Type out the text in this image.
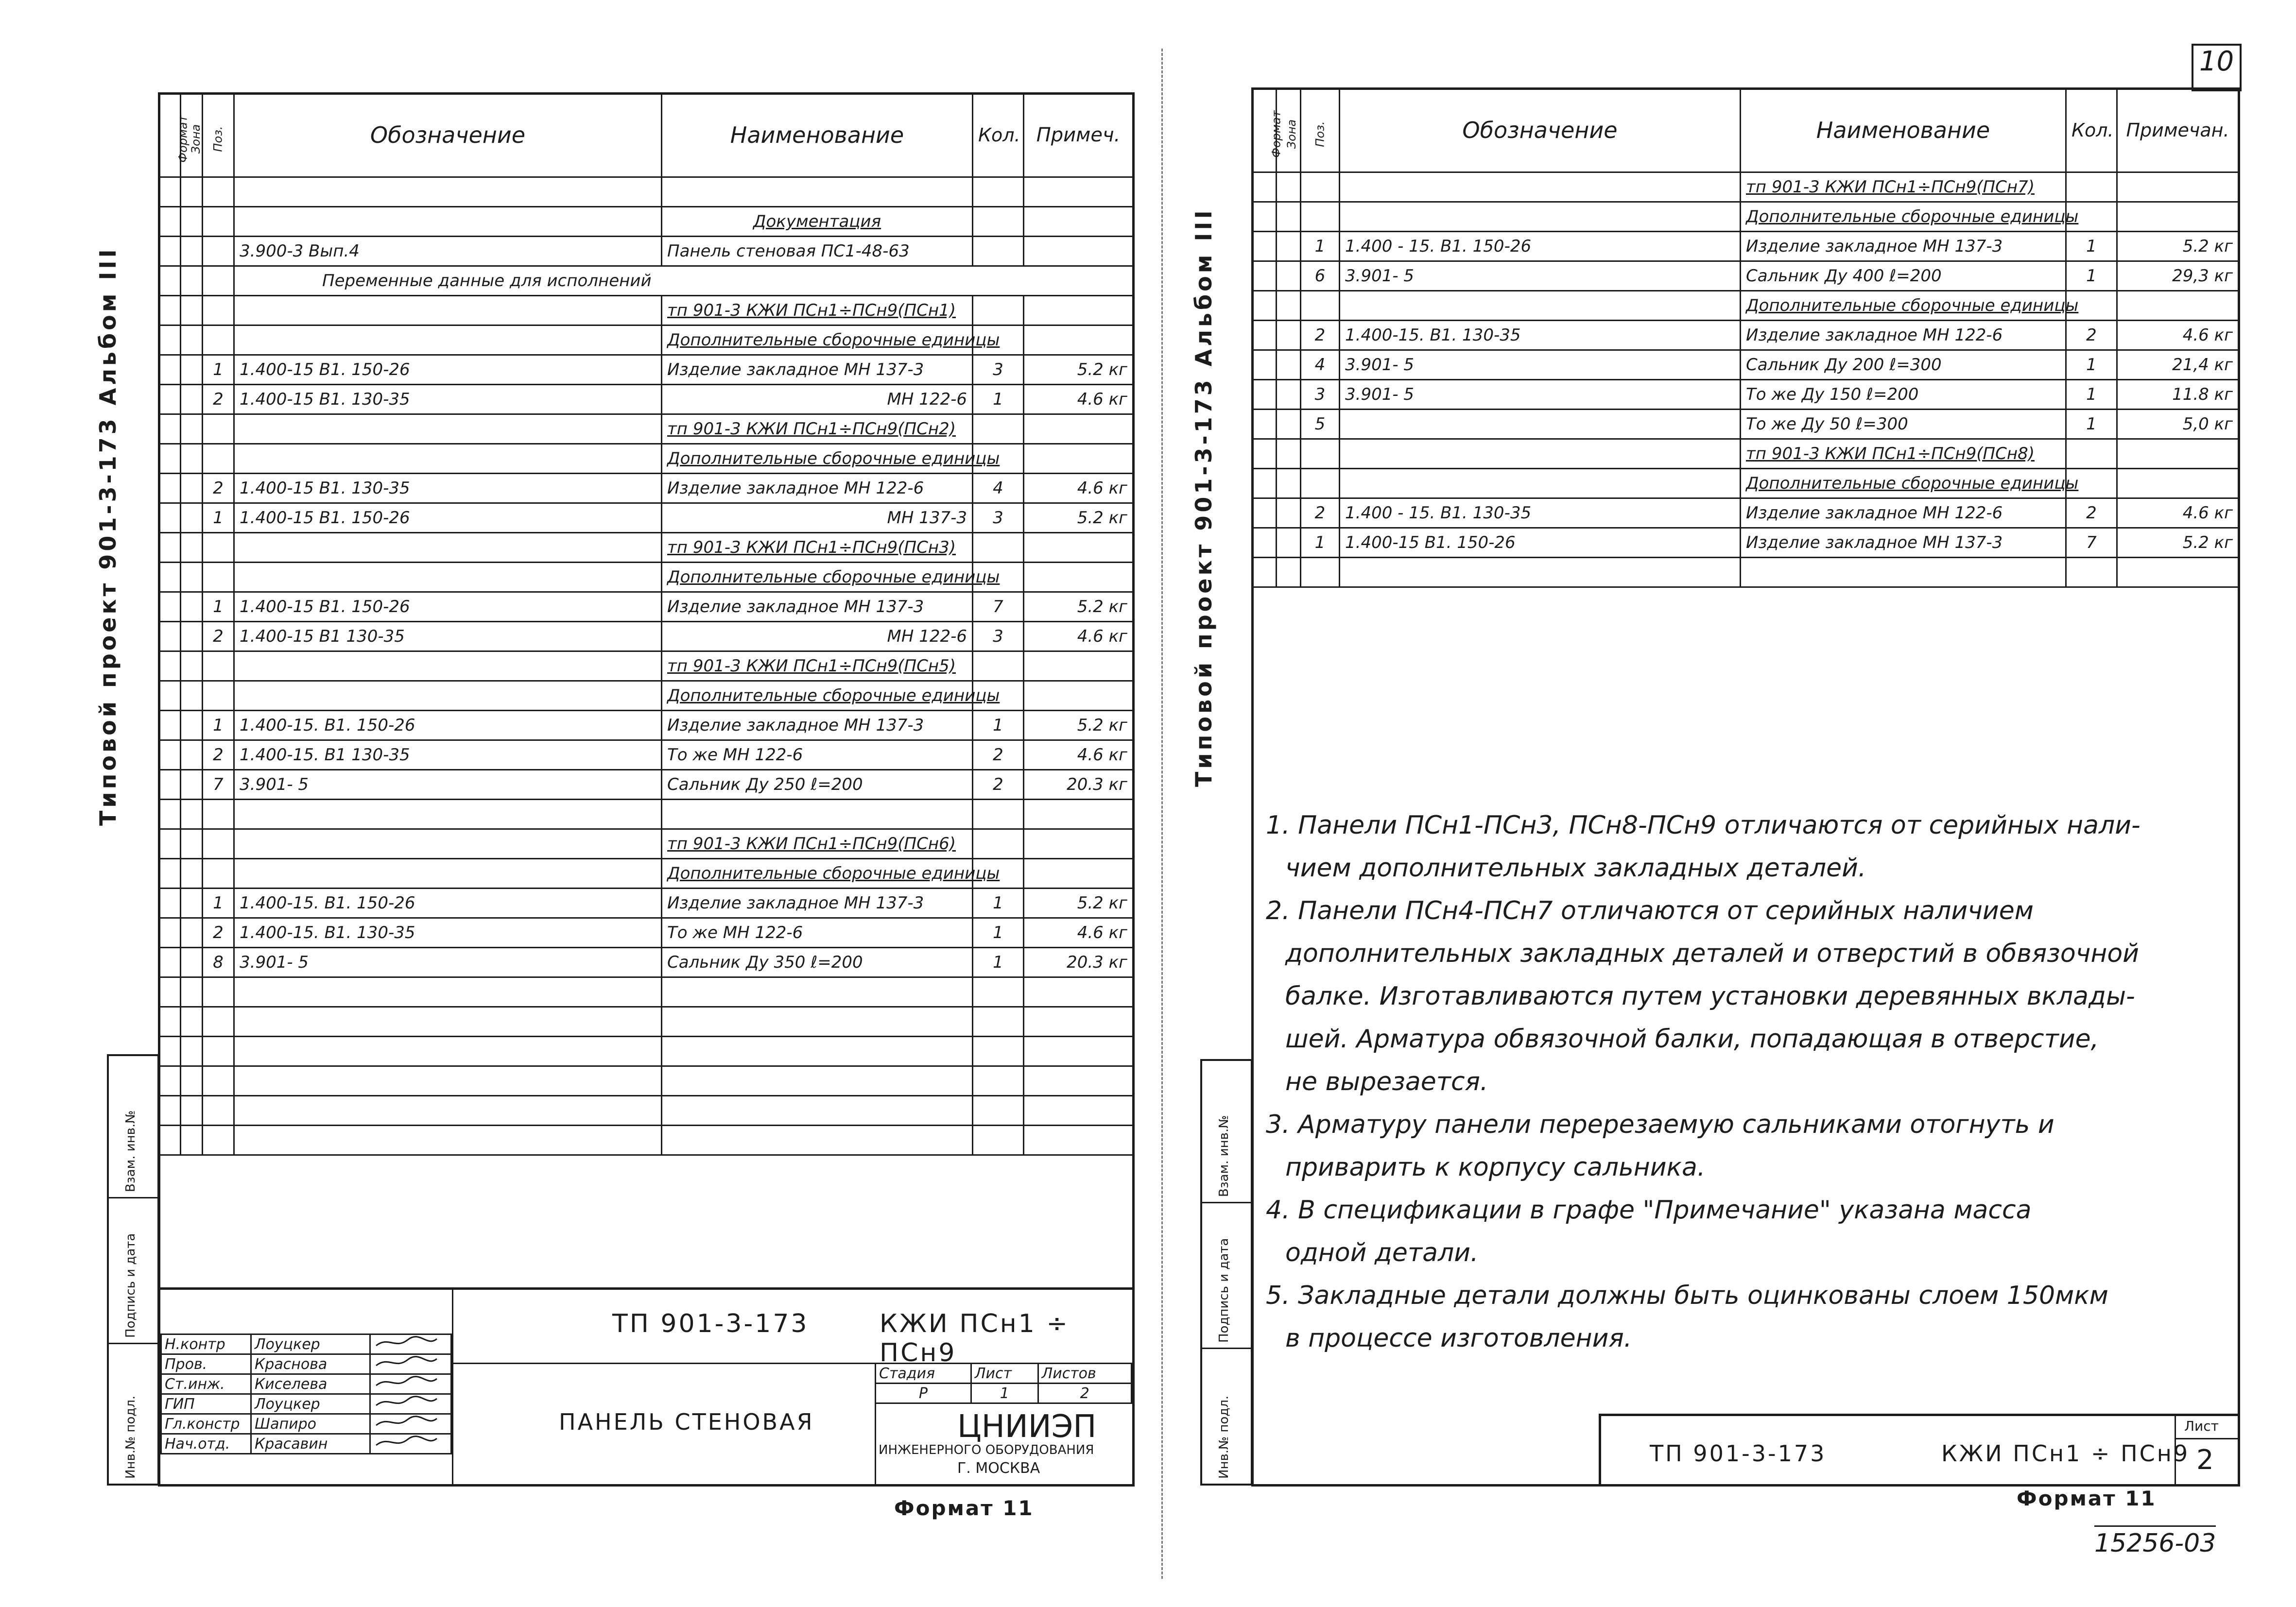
Типовой проект 901-3-173 Альбом III
Формат	Зона	Поз.	Обозначение	Наименование	Кол.	Примеч.

				Документация		
			3.900-3 Вып.4	Панель стеновая ПС1-48-63		
			Переменные данные для исполнений			
				тп 901-3 КЖИ ПСн1÷ПСн9(ПСн1)		
				Дополнительные сборочные единицы		
		1	1.400-15 В1. 150-26	Изделие закладное МН 137-3	3	5.2 кг
		2	1.400-15 В1. 130-35	МН 122-6	1	4.6 кг
				тп 901-3 КЖИ ПСн1÷ПСн9(ПСн2)		
				Дополнительные сборочные единицы		
		2	1.400-15 В1. 130-35	Изделие закладное МН 122-6	4	4.6 кг
		1	1.400-15 В1. 150-26	МН 137-3	3	5.2 кг
				тп 901-3 КЖИ ПСн1÷ПСн9(ПСн3)		
				Дополнительные сборочные единицы		
		1	1.400-15 В1. 150-26	Изделие закладное МН 137-3	7	5.2 кг
		2	1.400-15 В1 130-35	МН 122-6	3	4.6 кг
				тп 901-3 КЖИ ПСн1÷ПСн9(ПСн5)		
				Дополнительные сборочные единицы		
		1	1.400-15. В1. 150-26	Изделие закладное МН 137-3	1	5.2 кг
		2	1.400-15. В1 130-35	То же МН 122-6	2	4.6 кг
		7	3.901- 5	Сальник Ду 250 ℓ=200	2	20.3 кг

				тп 901-3 КЖИ ПСн1÷ПСн9(ПСн6)		
				Дополнительные сборочные единицы		
		1	1.400-15. В1. 150-26	Изделие закладное МН 137-3	1	5.2 кг
		2	1.400-15. В1. 130-35	То же МН 122-6	1	4.6 кг
		8	3.901- 5	Сальник Ду 350 ℓ=200	1	20.3 кг

Инв.№ подл.
Подпись и дата
Взам. инв.№
Н.контр	Лоуцкер	
Пров.	Краснова	
Ст.инж.	Киселева	
ГИП	Лоуцкер	
Гл.констр	Шапиро	
Нач.отд.	Красавин	
ТП 901-3-173	КЖИ ПСн1 ÷ ПСн9
ПАНЕЛЬ СТЕНОВАЯ
Стадия	Лист	Листов
Р	1	2
ЦНИИЭП
ИНЖЕНЕРНОГО ОБОРУДОВАНИЯ
Г. МОСКВА
Формат 11
10
Типовой проект 901-3-173 Альбом III
Формат	Зона	Поз.	Обозначение	Наименование	Кол.	Примечан.
				тп 901-3 КЖИ ПСн1÷ПСн9(ПСн7)		
				Дополнительные сборочные единицы		
		1	1.400 - 15. В1. 150-26	Изделие закладное МН 137-3	1	5.2 кг
		6	3.901- 5	Сальник Ду 400 ℓ=200	1	29,3 кг
				Дополнительные сборочные единицы		
		2	1.400-15. В1. 130-35	Изделие закладное МН 122-6	2	4.6 кг
		4	3.901- 5	Сальник Ду 200 ℓ=300	1	21,4 кг
		3	3.901- 5	То же Ду 150 ℓ=200	1	11.8 кг
		5		То же Ду 50 ℓ=300	1	5,0 кг
				тп 901-3 КЖИ ПСн1÷ПСн9(ПСн8)		
				Дополнительные сборочные единицы		
		2	1.400 - 15. В1. 130-35	Изделие закладное МН 122-6	2	4.6 кг
		1	1.400-15 В1. 150-26	Изделие закладное МН 137-3	7	5.2 кг

1. Панели ПСн1-ПСн3, ПСн8-ПСн9 отличаются от серийных нали-
чием дополнительных закладных деталей.
2. Панели ПСн4-ПСн7 отличаются от серийных наличием
дополнительных закладных деталей и отверстий в обвязочной
балке. Изготавливаются путем установки деревянных вклады-
шей. Арматура обвязочной балки, попадающая в отверстие,
не вырезается.
3. Арматуру панели перерезаемую сальниками отогнуть и
приварить к корпусу сальника.
4. В спецификации в графе "Примечание" указана масса
одной детали.
5. Закладные детали должны быть оцинкованы слоем 150мкм
в процессе изготовления.
Инв.№ подл.
Подпись и дата
Взам. инв.№
ТП 901-3-173	КЖИ ПСн1 ÷ ПСн9
Лист
2
Формат 11
15256-03
